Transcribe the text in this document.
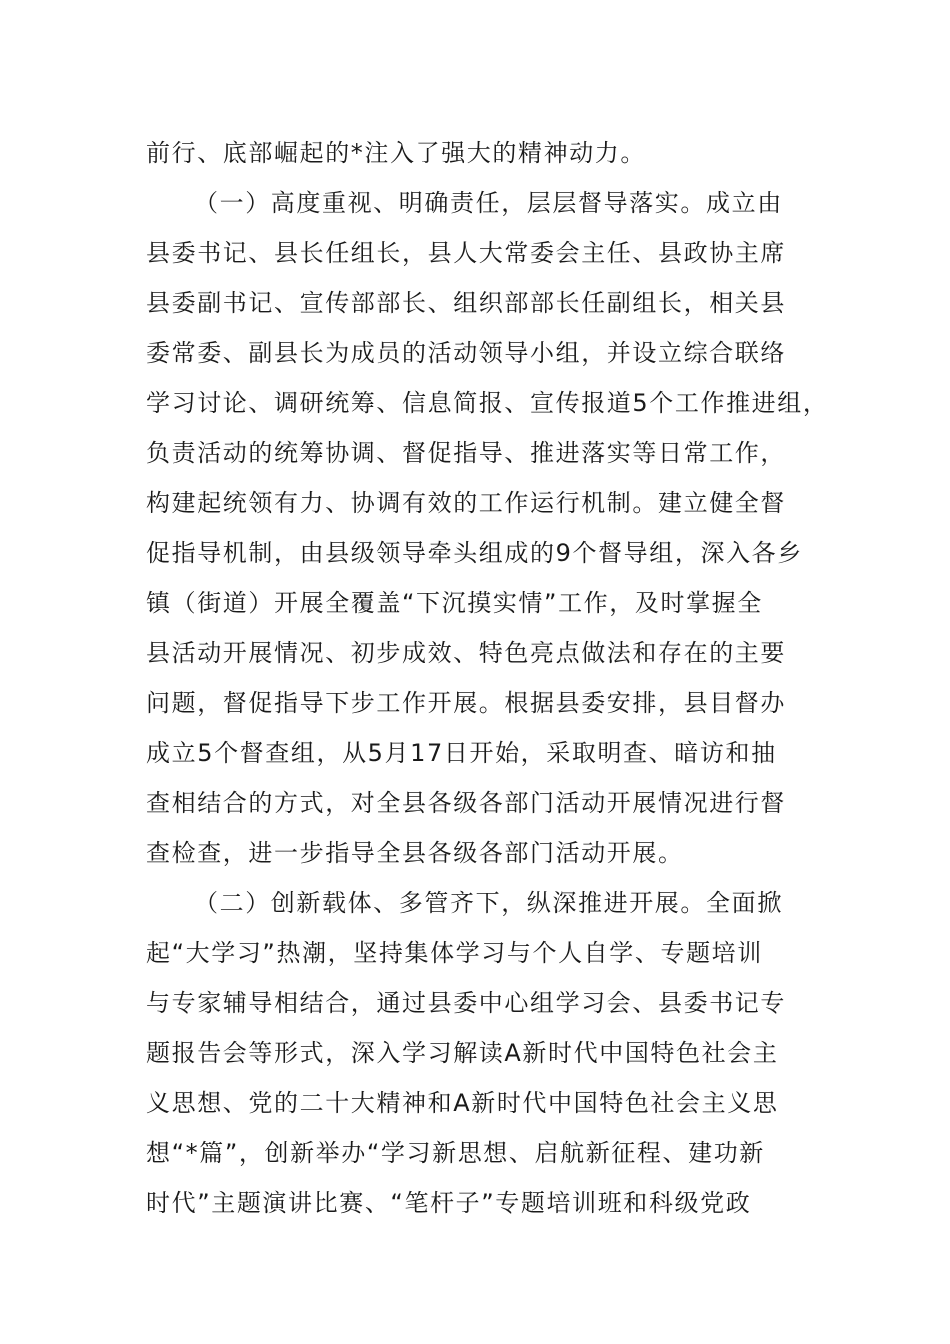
前行、底部崛起的*注入了强大的精神动力。
（一）高度重视、明确责任，层层督导落实。成立由
县委书记、县长任组长，县人大常委会主任、县政协主席
县委副书记、宣传部部长、组织部部长任副组长，相关县
委常委、副县长为成员的活动领导小组，并设立综合联络
学习讨论、调研统筹、信息简报、宣传报道5个工作推进组，
负责活动的统筹协调、督促指导、推进落实等日常工作，
构建起统领有力、协调有效的工作运行机制。建立健全督
促指导机制，由县级领导牵头组成的9个督导组，深入各乡
镇（街道）开展全覆盖“下沉摸实情”工作，及时掌握全
县活动开展情况、初步成效、特色亮点做法和存在的主要
问题，督促指导下步工作开展。根据县委安排，县目督办
成立5个督查组，从5月17日开始，采取明查、暗访和抽
查相结合的方式，对全县各级各部门活动开展情况进行督
查检查，进一步指导全县各级各部门活动开展。
（二）创新载体、多管齐下，纵深推进开展。全面掀
起“大学习”热潮，坚持集体学习与个人自学、专题培训
与专家辅导相结合，通过县委中心组学习会、县委书记专
题报告会等形式，深入学习解读A新时代中国特色社会主
义思想、党的二十大精神和A新时代中国特色社会主义思
想“*篇”，创新举办“学习新思想、启航新征程、建功新
时代”主题演讲比赛、“笔杆子”专题培训班和科级党政
